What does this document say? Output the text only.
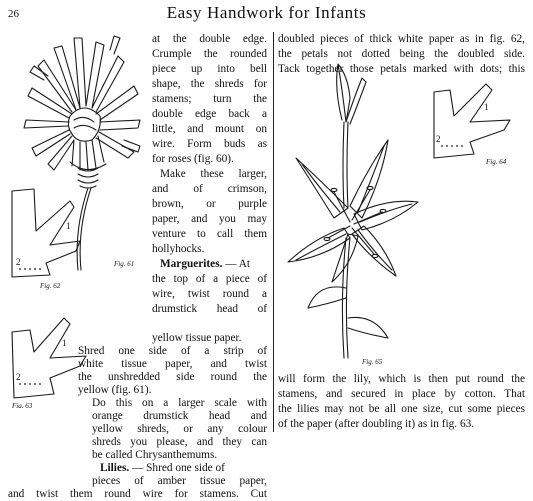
26	Easy Handwork for Infants
Fig. 61
1
2
Fig. 62
1
2
Fig. 63
1
2
Fig. 64
Fig. 65
at the double edge.
Crumple the rounded
piece up into bell
shape, the shreds for
stamens; turn the
double edge back a
little, and mount on
wire. Form buds as
for roses (fig. 60).
Make these larger,
and of crimson,
brown, or purple
paper, and you may
venture to call them
hollyhocks.
Marguerites. — At
the top of a piece of
wire, twist round a
drumstick head of
yellow tissue paper.
Shred one side of a strip of
white tissue paper, and twist
the unshredded side round the
yellow (fig. 61).
Do this on a larger scale with
orange drumstick head and
yellow shreds, or any colour
doubled pieces of thick white paper as in fig. 62,
the petals not dotted being the doubled side.
Tack together those petals marked with dots; this
will form the lily, which is then put round the
stamens, and secured in place by cotton. That
the lilies may not be all one size, cut some pieces
of the paper (after doubling it) as in fig. 63.
shreds you please, and they can
be called Chrysanthemums.
Lilies. — Shred one side of
pieces of amber tissue paper,
and twist them round wire for stamens. Cut
